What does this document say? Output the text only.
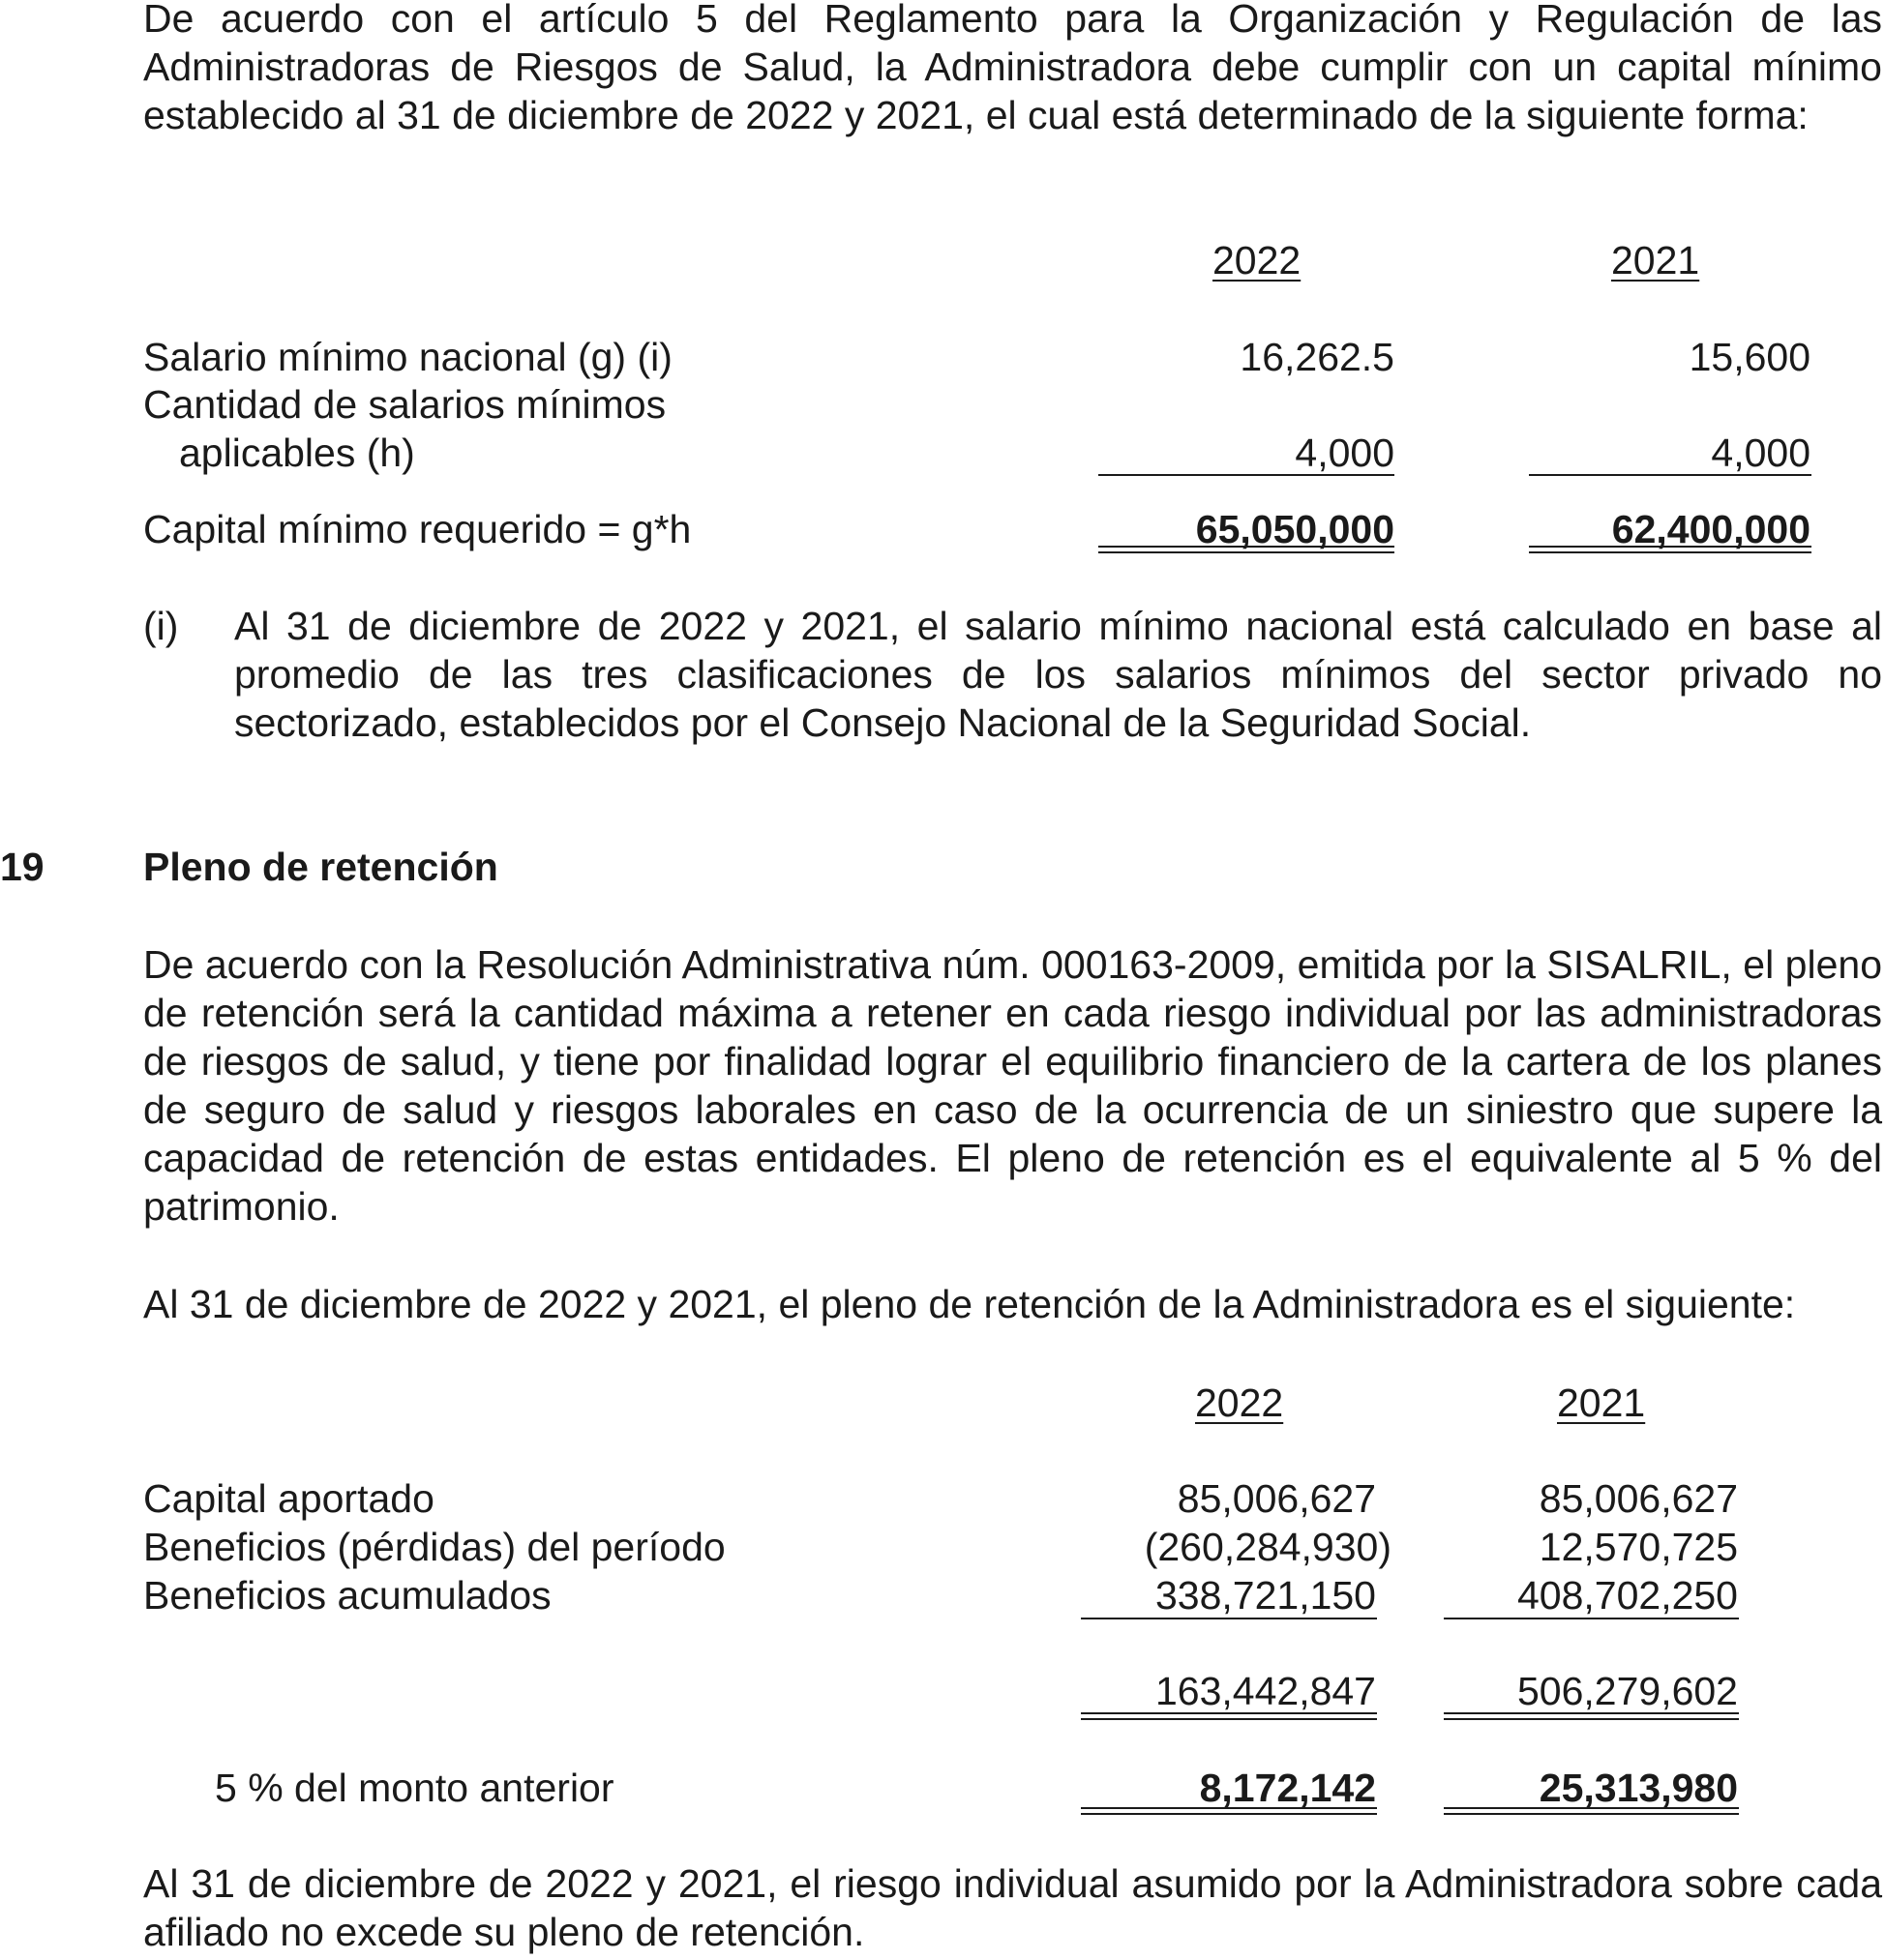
De acuerdo con el artículo 5 del Reglamento para la Organización y Regulación de las Administradoras de Riesgos de Salud, la Administradora debe cumplir con un capital mínimo establecido al 31 de diciembre de 2022 y 2021, el cual está determinado de la siguiente forma:

2022	2021
Salario mínimo nacional (g) (i)	16,262.5	15,600
Cantidad de salarios mínimos
aplicables (h)	4,000	4,000
Capital mínimo requerido = g*h	65,050,000	62,400,000
(i) Al 31 de diciembre de 2022 y 2021, el salario mínimo nacional está calculado en base al promedio de las tres clasificaciones de los salarios mínimos del sector privado no sectorizado, establecidos por el Consejo Nacional de la Seguridad Social.

19 Pleno de retención

De acuerdo con la Resolución Administrativa núm. 000163-2009, emitida por la SISALRIL, el pleno de retención será la cantidad máxima a retener en cada riesgo individual por las administradoras de riesgos de salud, y tiene por finalidad lograr el equilibrio financiero de la cartera de los planes de seguro de salud y riesgos laborales en caso de la ocurrencia de un siniestro que supere la capacidad de retención de estas entidades. El pleno de retención es el equivalente al 5 % del patrimonio.

Al 31 de diciembre de 2022 y 2021, el pleno de retención de la Administradora es el siguiente:

2022	2021
Capital aportado	85,006,627	85,006,627
Beneficios (pérdidas) del período	(260,284,930)	12,570,725
Beneficios acumulados	338,721,150	408,702,250
163,442,847	506,279,602
5 % del monto anterior	8,172,142	25,313,980

Al 31 de diciembre de 2022 y 2021, el riesgo individual asumido por la Administradora sobre cada afiliado no excede su pleno de retención.
